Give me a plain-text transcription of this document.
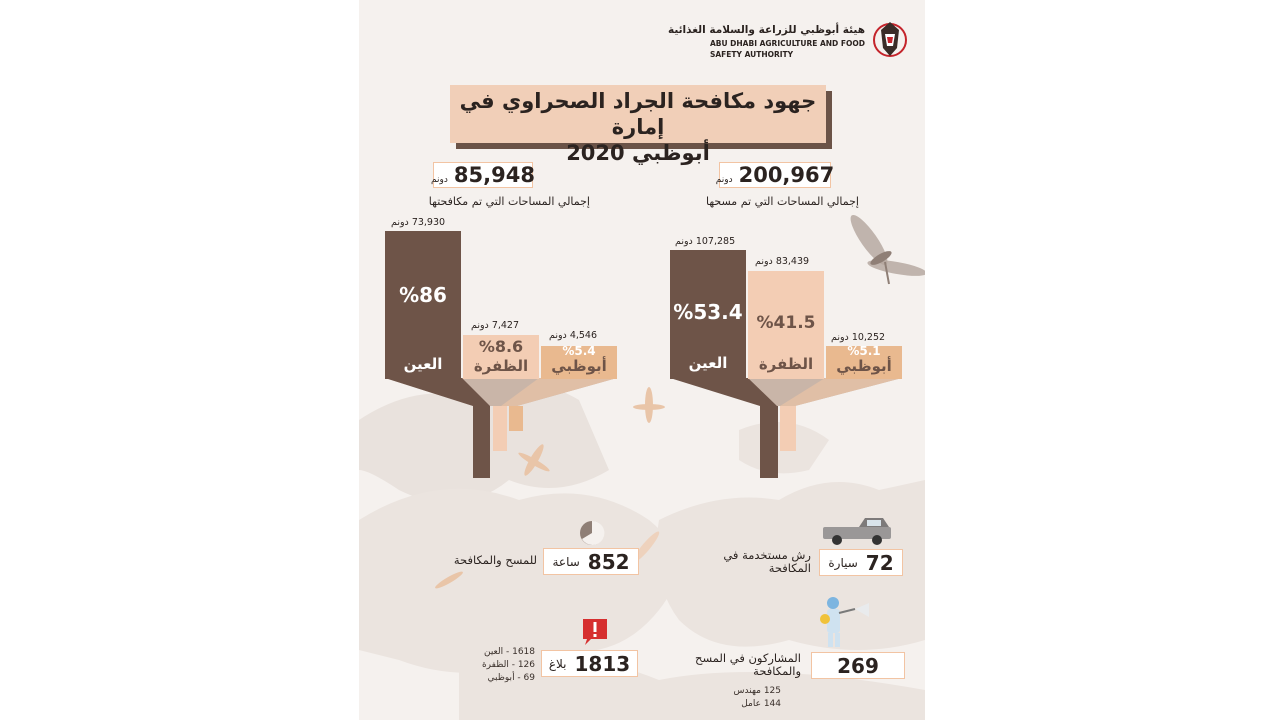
هيئة أبوظبي للزراعة والسلامة الغذائية
ABU DHABI AGRICULTURE AND FOOD
SAFETY AUTHORITY
جهود مكافحة الجراد الصحراوي في إمارة
أبوظبي 2020
200,967
دونم
إجمالي المساحات التي تم مسحها
%53.4
العين
107,285 دونم
%41.5
الظفرة
83,439 دونم
%5.1
أبوظبي
10,252 دونم
85,948
دونم
إجمالي المساحات التي تم مكافحتها
%86
العين
73,930 دونم
%8.6
الظفرة
7,427 دونم
%5.4
أبوظبي
4,546 دونم
72
سيارة
رش مستخدمة في المكافحة
852
ساعة
للمسح والمكافحة
269
المشاركون في المسح والمكافحة
125 مهندس
144 عامل
1813
بلاغ
1618 - العين
126 - الظفرة
69 - أبوظبي
